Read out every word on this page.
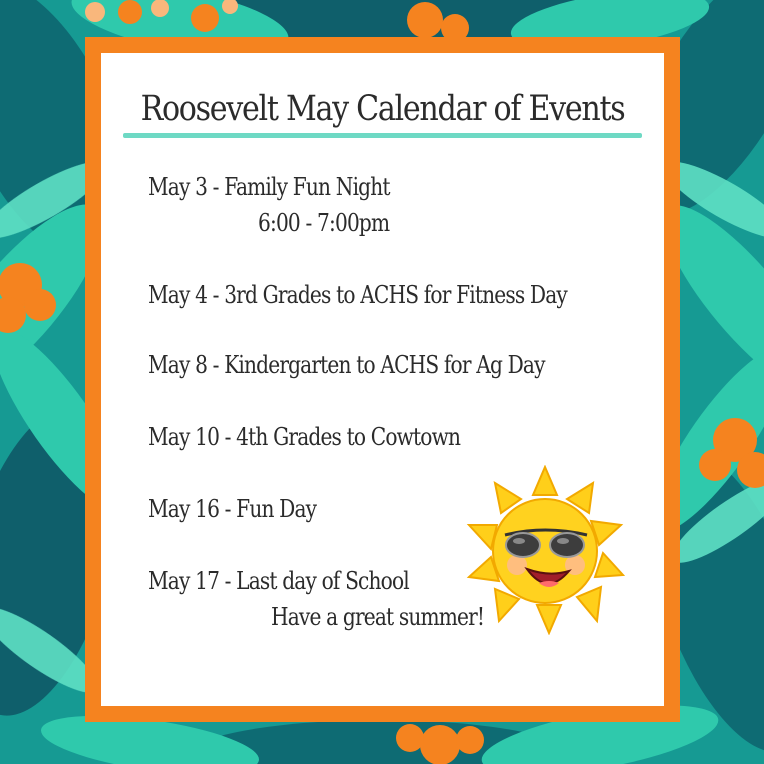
Roosevelt May Calendar of Events
May 3 - Family Fun Night
6:00 - 7:00pm
May 4 - 3rd Grades to ACHS for Fitness Day
May 8 - Kindergarten to ACHS for Ag Day
May 10 - 4th Grades to Cowtown
May 16 - Fun Day
May 17 - Last day of School
Have a great summer!
